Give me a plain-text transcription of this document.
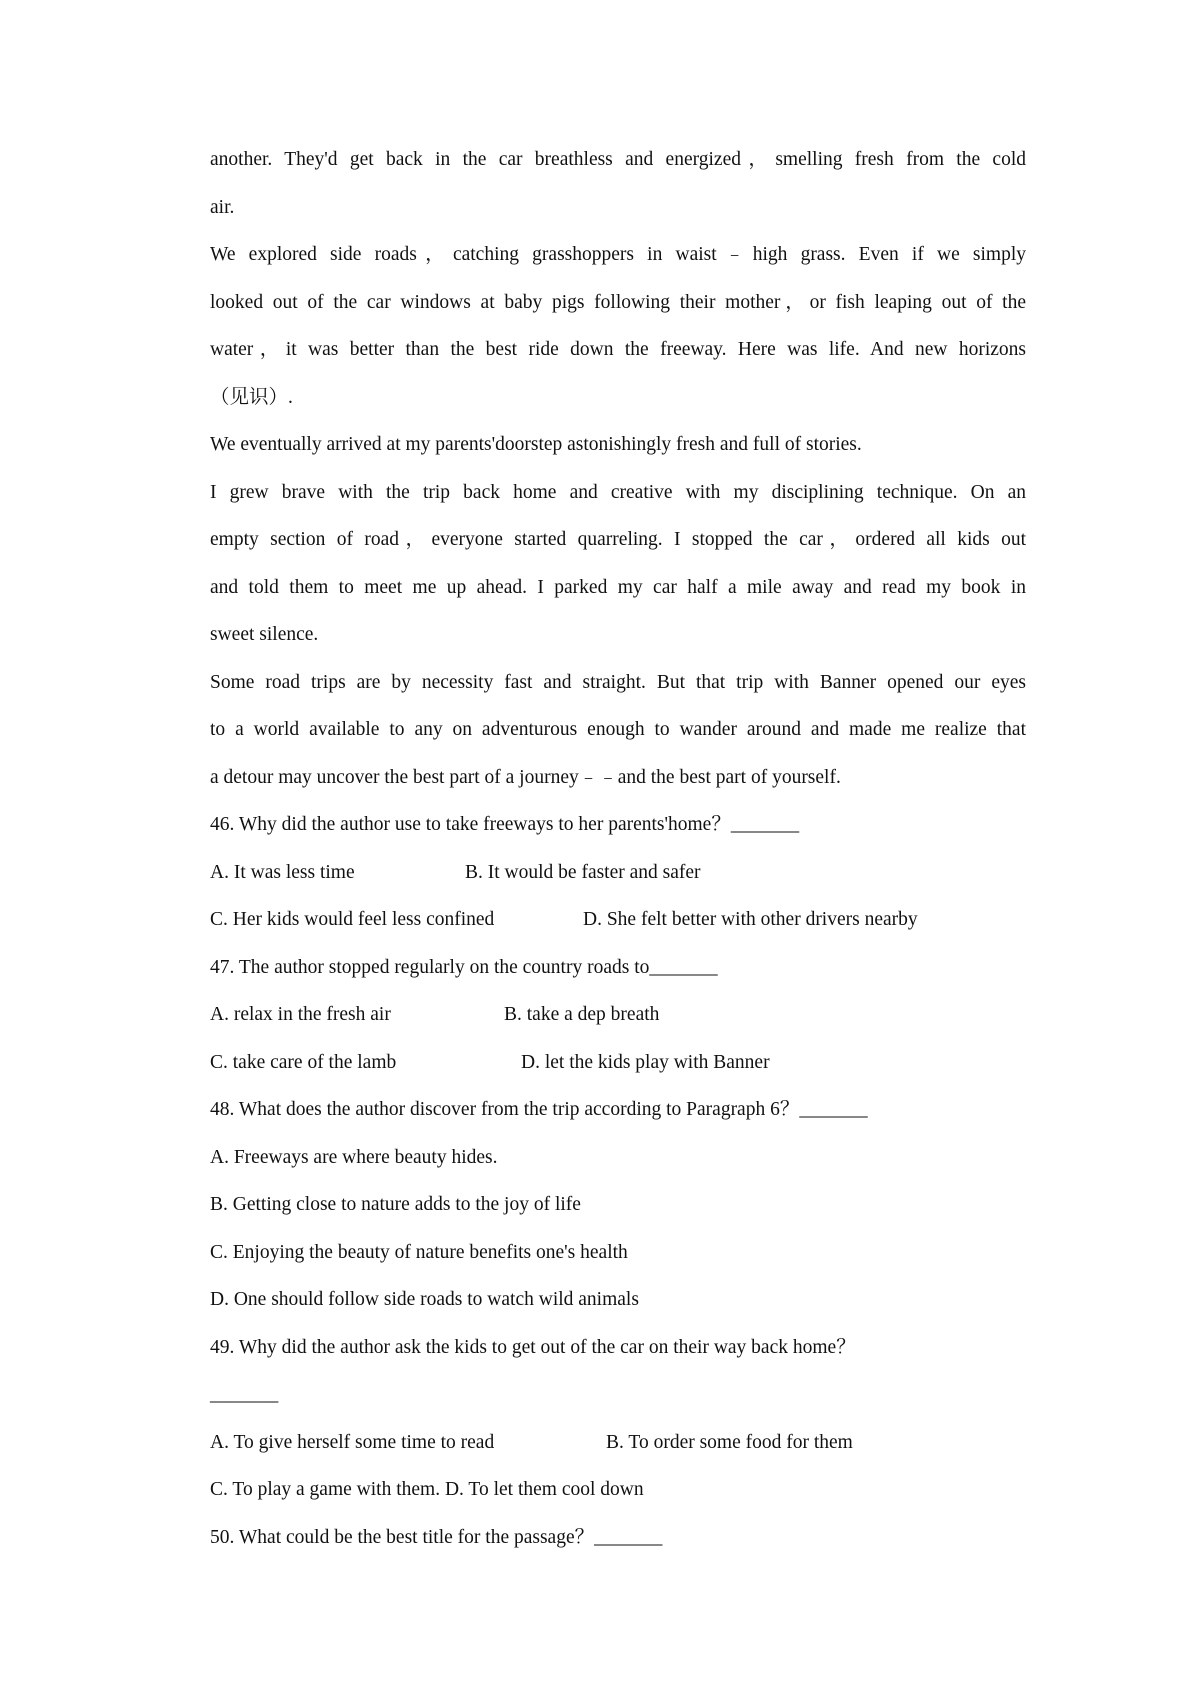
another. They'd get back in the car breathless and energized，smelling fresh from the cold
air.
We explored side roads，catching grasshoppers in waist﹣high grass. Even if we simply
looked out of the car windows at baby pigs following their mother，or fish leaping out of the
water，it was better than the best ride down the freeway. Here was life. And new horizons
（见识）.
We eventually arrived at my parents'doorstep astonishingly fresh and full of stories.
I grew brave with the trip back home and creative with my disciplining technique. On an
empty section of road，everyone started quarreling. I stopped the car，ordered all kids out
and told them to meet me up ahead. I parked my car half a mile away and read my book in
sweet silence.
Some road trips are by necessity fast and straight. But that trip with Banner opened our eyes
to a world available to any on adventurous enough to wander around and made me realize that
a detour may uncover the best part of a journey﹣﹣and the best part of yourself.
46. Why did the author use to take freeways to her parents'home？_______
A. It was less time	B. It would be faster and safer
C. Her kids would feel less confined	D. She felt better with other drivers nearby
47. The author stopped regularly on the country roads to_______
A. relax in the fresh air	B. take a dep breath
C. take care of the lamb	D. let the kids play with Banner
48. What does the author discover from the trip according to Paragraph 6？_______
A. Freeways are where beauty hides.
B. Getting close to nature adds to the joy of life
C. Enjoying the beauty of nature benefits one's health
D. One should follow side roads to watch wild animals
49. Why did the author ask the kids to get out of the car on their way back home？
_______
A. To give herself some time to read	B. To order some food for them
C. To play a game with them. D. To let them cool down
50. What could be the best title for the passage？_______
